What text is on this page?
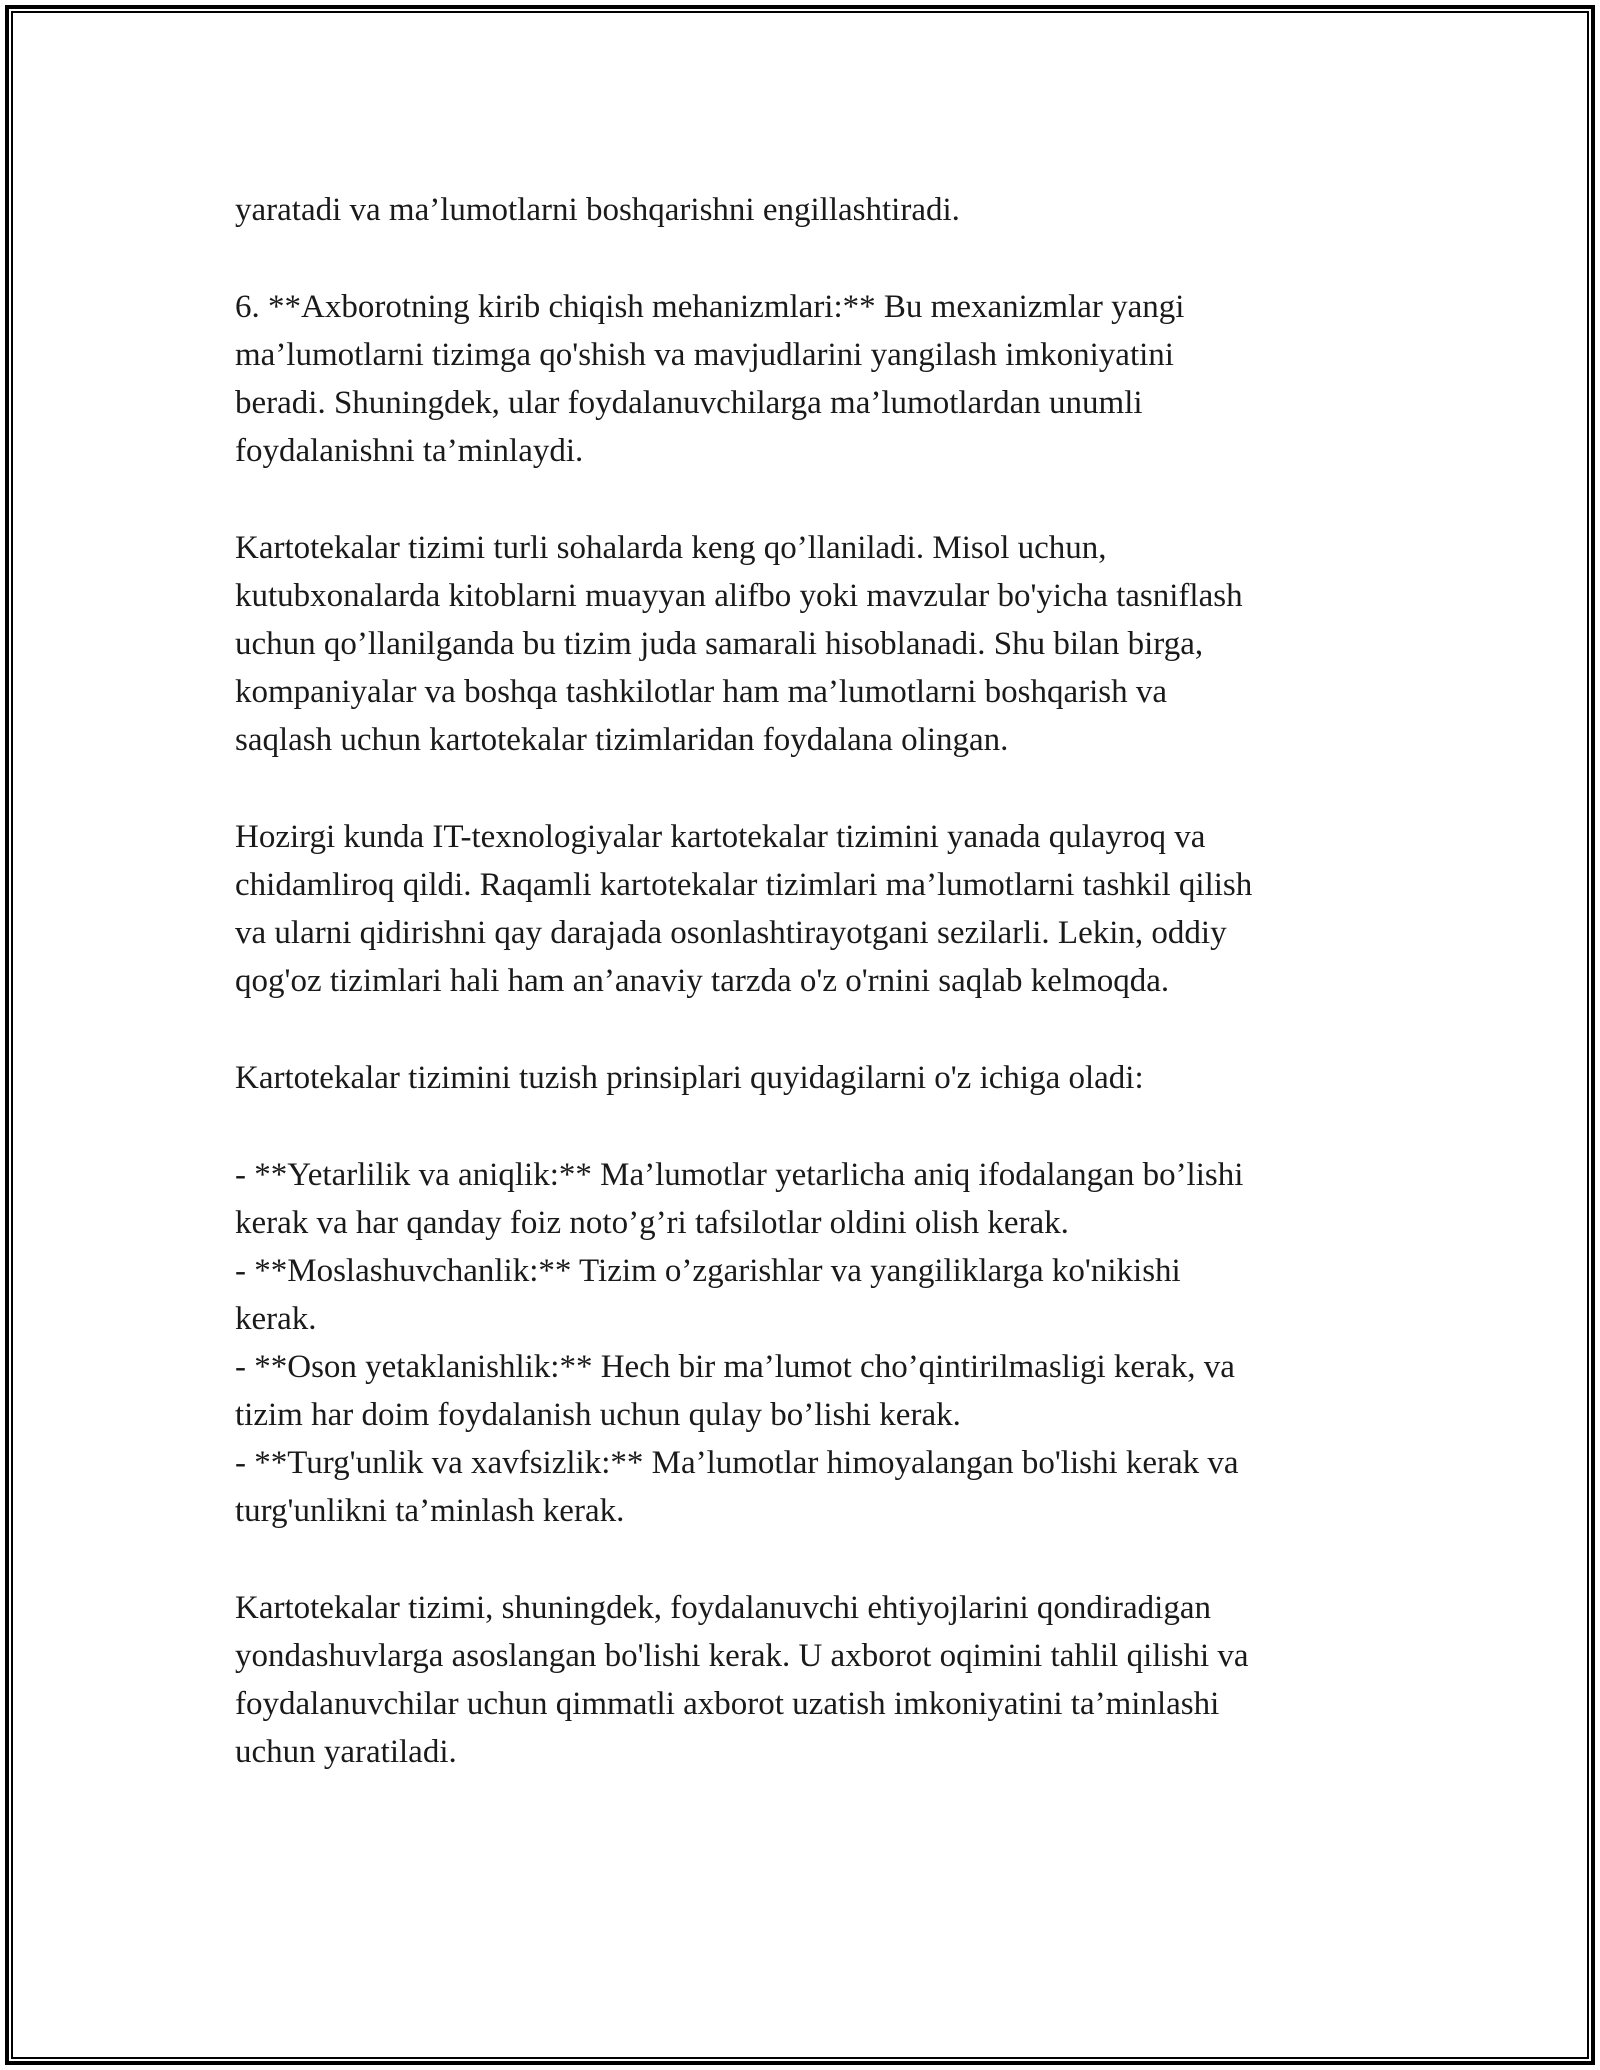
yaratadi va ma’lumotlarni boshqarishni engillashtiradi.
6. **Axborotning kirib chiqish mehanizmlari:** Bu mexanizmlar yangi
ma’lumotlarni tizimga qo'shish va mavjudlarini yangilash imkoniyatini
beradi. Shuningdek, ular foydalanuvchilarga ma’lumotlardan unumli
foydalanishni ta’minlaydi.
Kartotekalar tizimi turli sohalarda keng qo’llaniladi. Misol uchun,
kutubxonalarda kitoblarni muayyan alifbo yoki mavzular bo'yicha tasniflash
uchun qo’llanilganda bu tizim juda samarali hisoblanadi. Shu bilan birga,
kompaniyalar va boshqa tashkilotlar ham ma’lumotlarni boshqarish va
saqlash uchun kartotekalar tizimlaridan foydalana olingan.
Hozirgi kunda IT-texnologiyalar kartotekalar tizimini yanada qulayroq va
chidamliroq qildi. Raqamli kartotekalar tizimlari ma’lumotlarni tashkil qilish
va ularni qidirishni qay darajada osonlashtirayotgani sezilarli. Lekin, oddiy
qog'oz tizimlari hali ham an’anaviy tarzda o'z o'rnini saqlab kelmoqda.
Kartotekalar tizimini tuzish prinsiplari quyidagilarni o'z ichiga oladi:
- **Yetarlilik va aniqlik:** Ma’lumotlar yetarlicha aniq ifodalangan bo’lishi
kerak va har qanday foiz noto’g’ri tafsilotlar oldini olish kerak.
- **Moslashuvchanlik:** Tizim o’zgarishlar va yangiliklarga ko'nikishi
kerak.
- **Oson yetaklanishlik:** Hech bir ma’lumot cho’qintirilmasligi kerak, va
tizim har doim foydalanish uchun qulay bo’lishi kerak.
- **Turg'unlik va xavfsizlik:** Ma’lumotlar himoyalangan bo'lishi kerak va
turg'unlikni ta’minlash kerak.
Kartotekalar tizimi, shuningdek, foydalanuvchi ehtiyojlarini qondiradigan
yondashuvlarga asoslangan bo'lishi kerak. U axborot oqimini tahlil qilishi va
foydalanuvchilar uchun qimmatli axborot uzatish imkoniyatini ta’minlashi
uchun yaratiladi.
